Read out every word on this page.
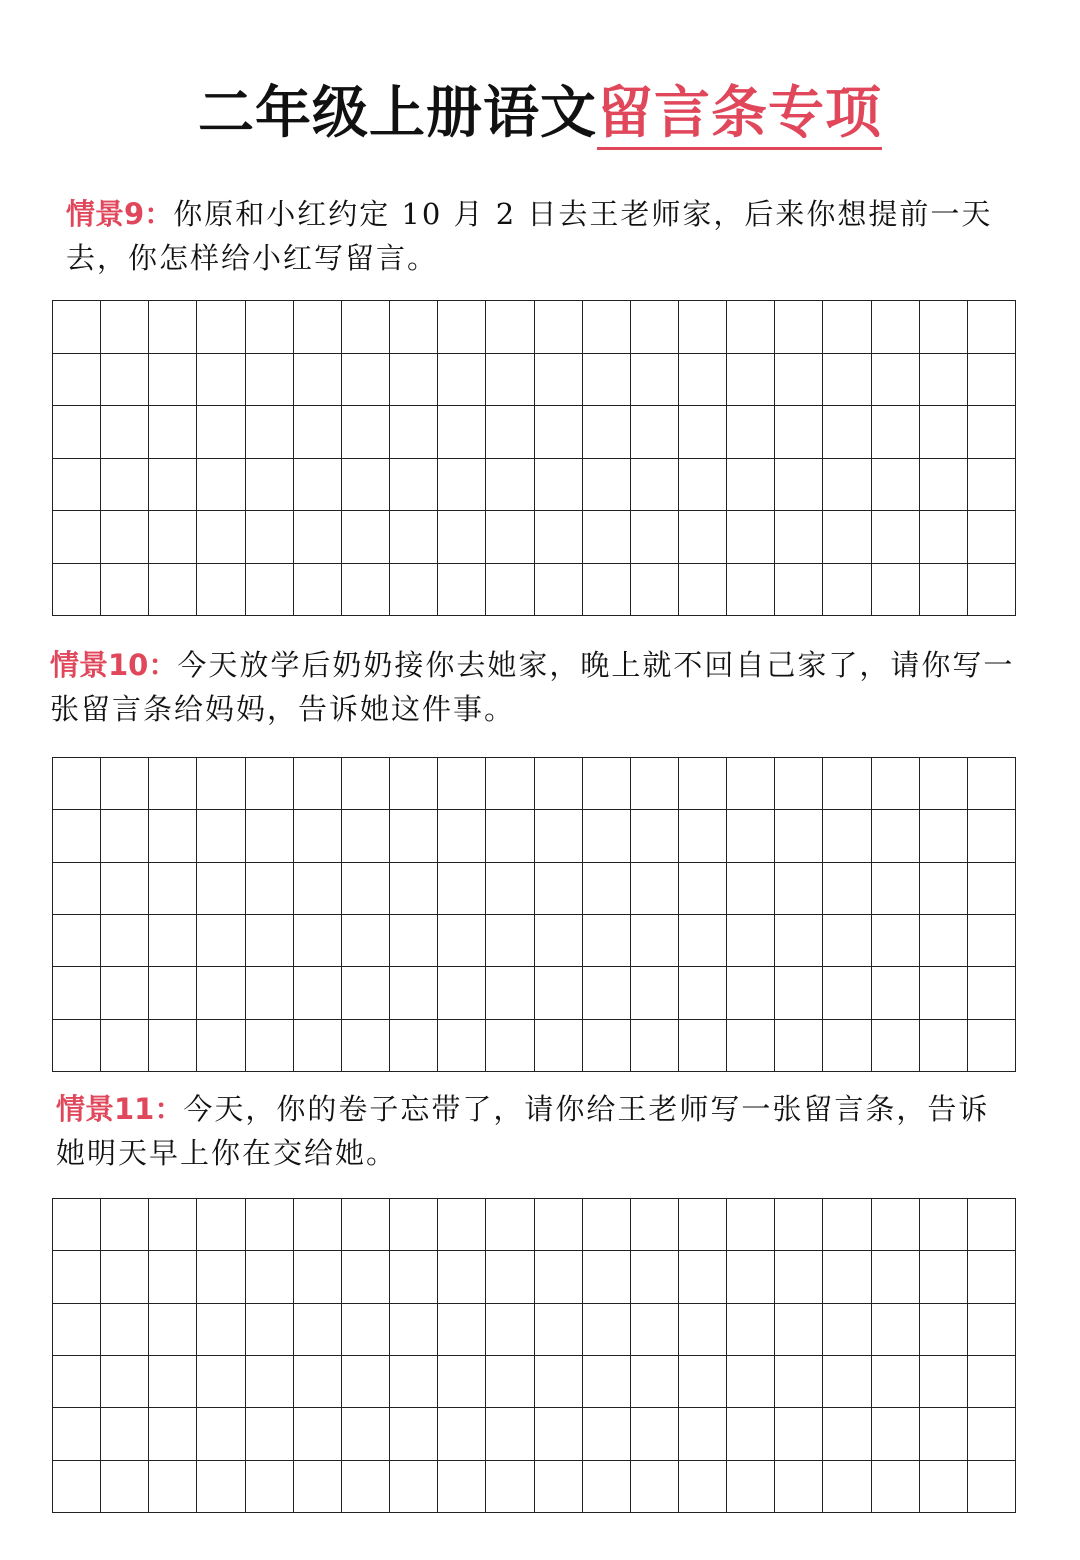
二年级上册语文留言条专项
情景9：你原和小红约定 10 月 2 日去王老师家，后来你想提前一天去，你怎样给小红写留言。
情景10：今天放学后奶奶接你去她家，晚上就不回自己家了，请你写一张留言条给妈妈，告诉她这件事。
情景11：今天，你的卷子忘带了，请你给王老师写一张留言条，告诉她明天早上你在交给她。
